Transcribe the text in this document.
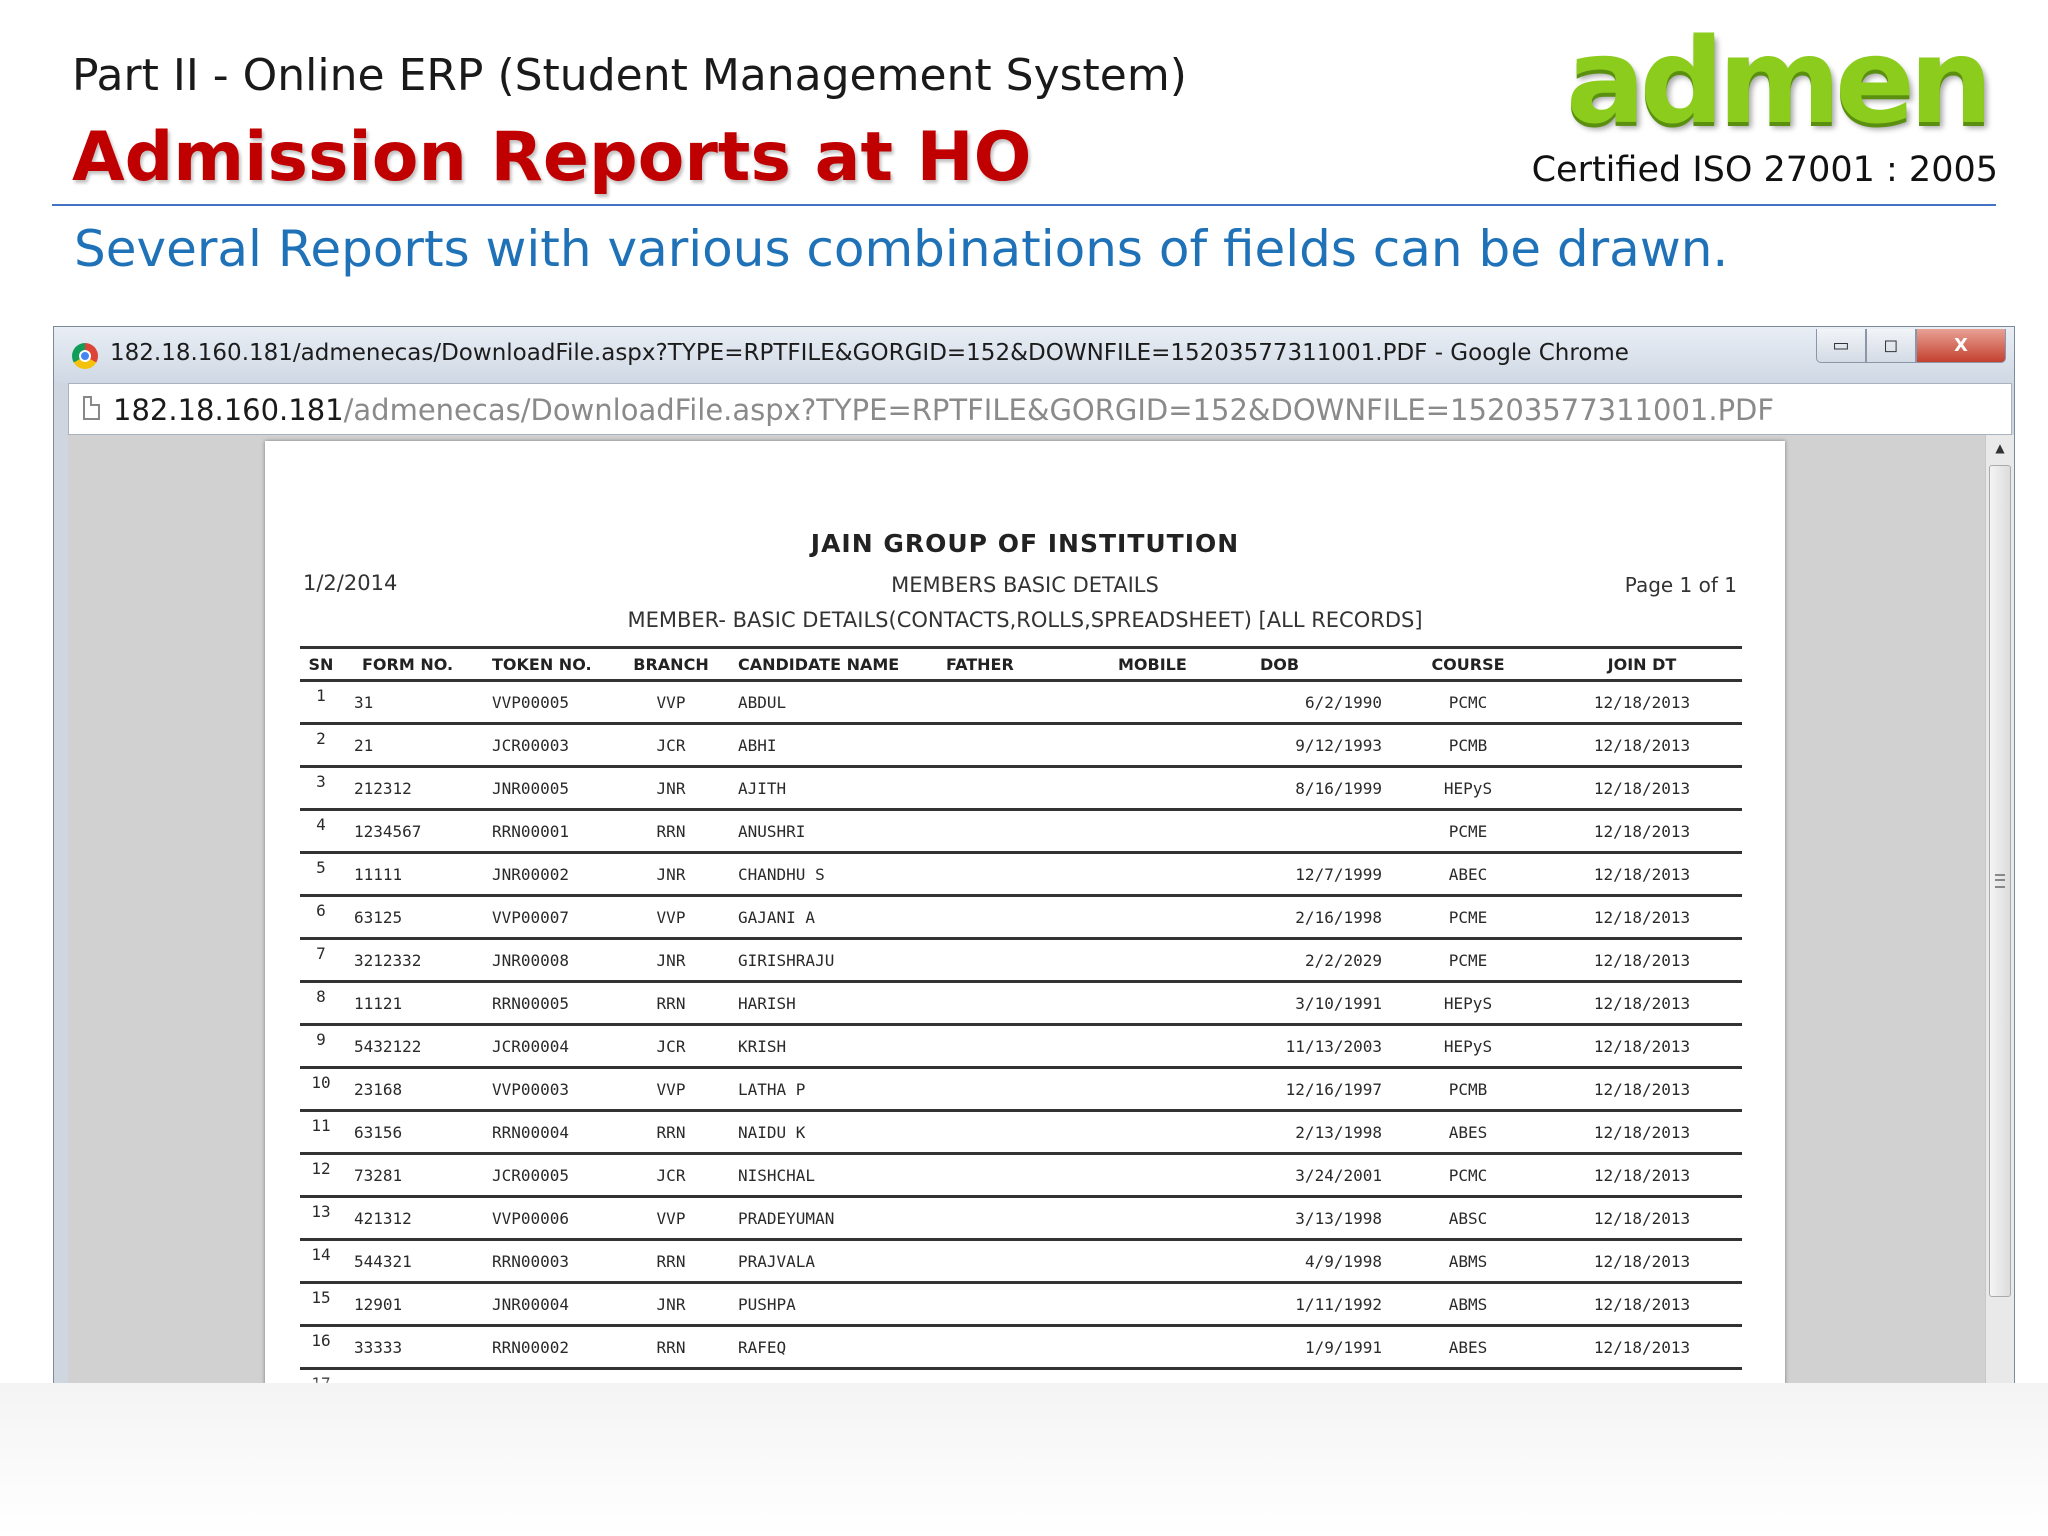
Part II - Online ERP (Student Management System)
Admission Reports at HO
admen
Certified ISO 27001 : 2005
Several Reports with various combinations of fields can be drawn.
182.18.160.181/admenecas/DownloadFile.aspx?TYPE=RPTFILE&GORGID=152&DOWNFILE=15203577311001.PDF - Google Chrome	▭	◻	X
182.18.160.181/admenecas/DownloadFile.aspx?TYPE=RPTFILE&GORGID=152&DOWNFILE=15203577311001.PDF
JAIN GROUP OF INSTITUTION
1/2/2014	MEMBERS BASIC DETAILS	Page 1 of 1
MEMBER- BASIC DETAILS(CONTACTS,ROLLS,SPREADSHEET) [ALL RECORDS]
SN	FORM NO.	TOKEN NO.	BRANCH	CANDIDATE NAME	FATHER	MOBILE	DOB	COURSE	JOIN DT
1	31	VVP00005	VVP	ABDUL			6/2/1990	PCMC	12/18/2013
2	21	JCR00003	JCR	ABHI			9/12/1993	PCMB	12/18/2013
3	212312	JNR00005	JNR	AJITH			8/16/1999	HEPyS	12/18/2013
4	1234567	RRN00001	RRN	ANUSHRI				PCME	12/18/2013
5	11111	JNR00002	JNR	CHANDHU S			12/7/1999	ABEC	12/18/2013
6	63125	VVP00007	VVP	GAJANI A			2/16/1998	PCME	12/18/2013
7	3212332	JNR00008	JNR	GIRISHRAJU			2/2/2029	PCME	12/18/2013
8	11121	RRN00005	RRN	HARISH			3/10/1991	HEPyS	12/18/2013
9	5432122	JCR00004	JCR	KRISH			11/13/2003	HEPyS	12/18/2013
10	23168	VVP00003	VVP	LATHA P			12/16/1997	PCMB	12/18/2013
11	63156	RRN00004	RRN	NAIDU K			2/13/1998	ABES	12/18/2013
12	73281	JCR00005	JCR	NISHCHAL			3/24/2001	PCMC	12/18/2013
13	421312	VVP00006	VVP	PRADEYUMAN			3/13/1998	ABSC	12/18/2013
14	544321	RRN00003	RRN	PRAJVALA			4/9/1998	ABMS	12/18/2013
15	12901	JNR00004	JNR	PUSHPA			1/11/1992	ABMS	12/18/2013
16	33333	RRN00002	RRN	RAFEQ			1/9/1991	ABES	12/18/2013

▲
